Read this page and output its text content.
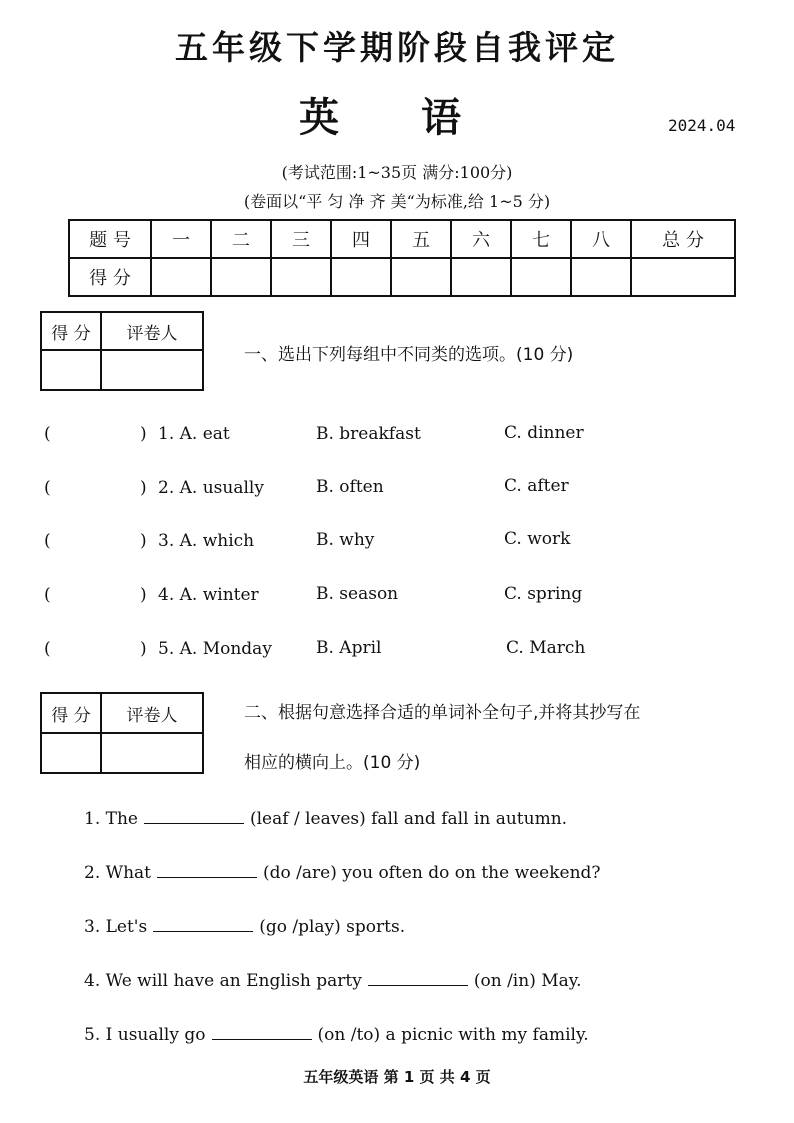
五年级下学期阶段自我评定
英 语	2024.04
(考试范围:1~35页 满分:100分)
(卷面以“平 匀 净 齐 美“为标准,给 1~5 分)
题 号	一	二	三	四	五	六	七	八	总 分
得 分									
得 分	评卷人

一、选出下列每组中不同类的选项。(10 分)
(	) 1. A. eat	B. breakfast	C. dinner
(	) 2. A. usually	B. often	C. after
(	) 3. A. which	B. why	C. work
(	) 4. A. winter	B. season	C. spring
(	) 5. A. Monday	B. April	C. March
得 分	评卷人
		二、根据句意选择合适的单词补全句子,并将其抄写在
相应的横向上。(10 分)
1. The	(leaf / leaves) fall and fall in autumn.
2. What	(do /are) you often do on the weekend?
3. Let's	(go /play) sports.
4. We will have an English party	(on /in) May.
5. I usually go	(on /to) a picnic with my family.
五年级英语 第 1 页 共 4 页
